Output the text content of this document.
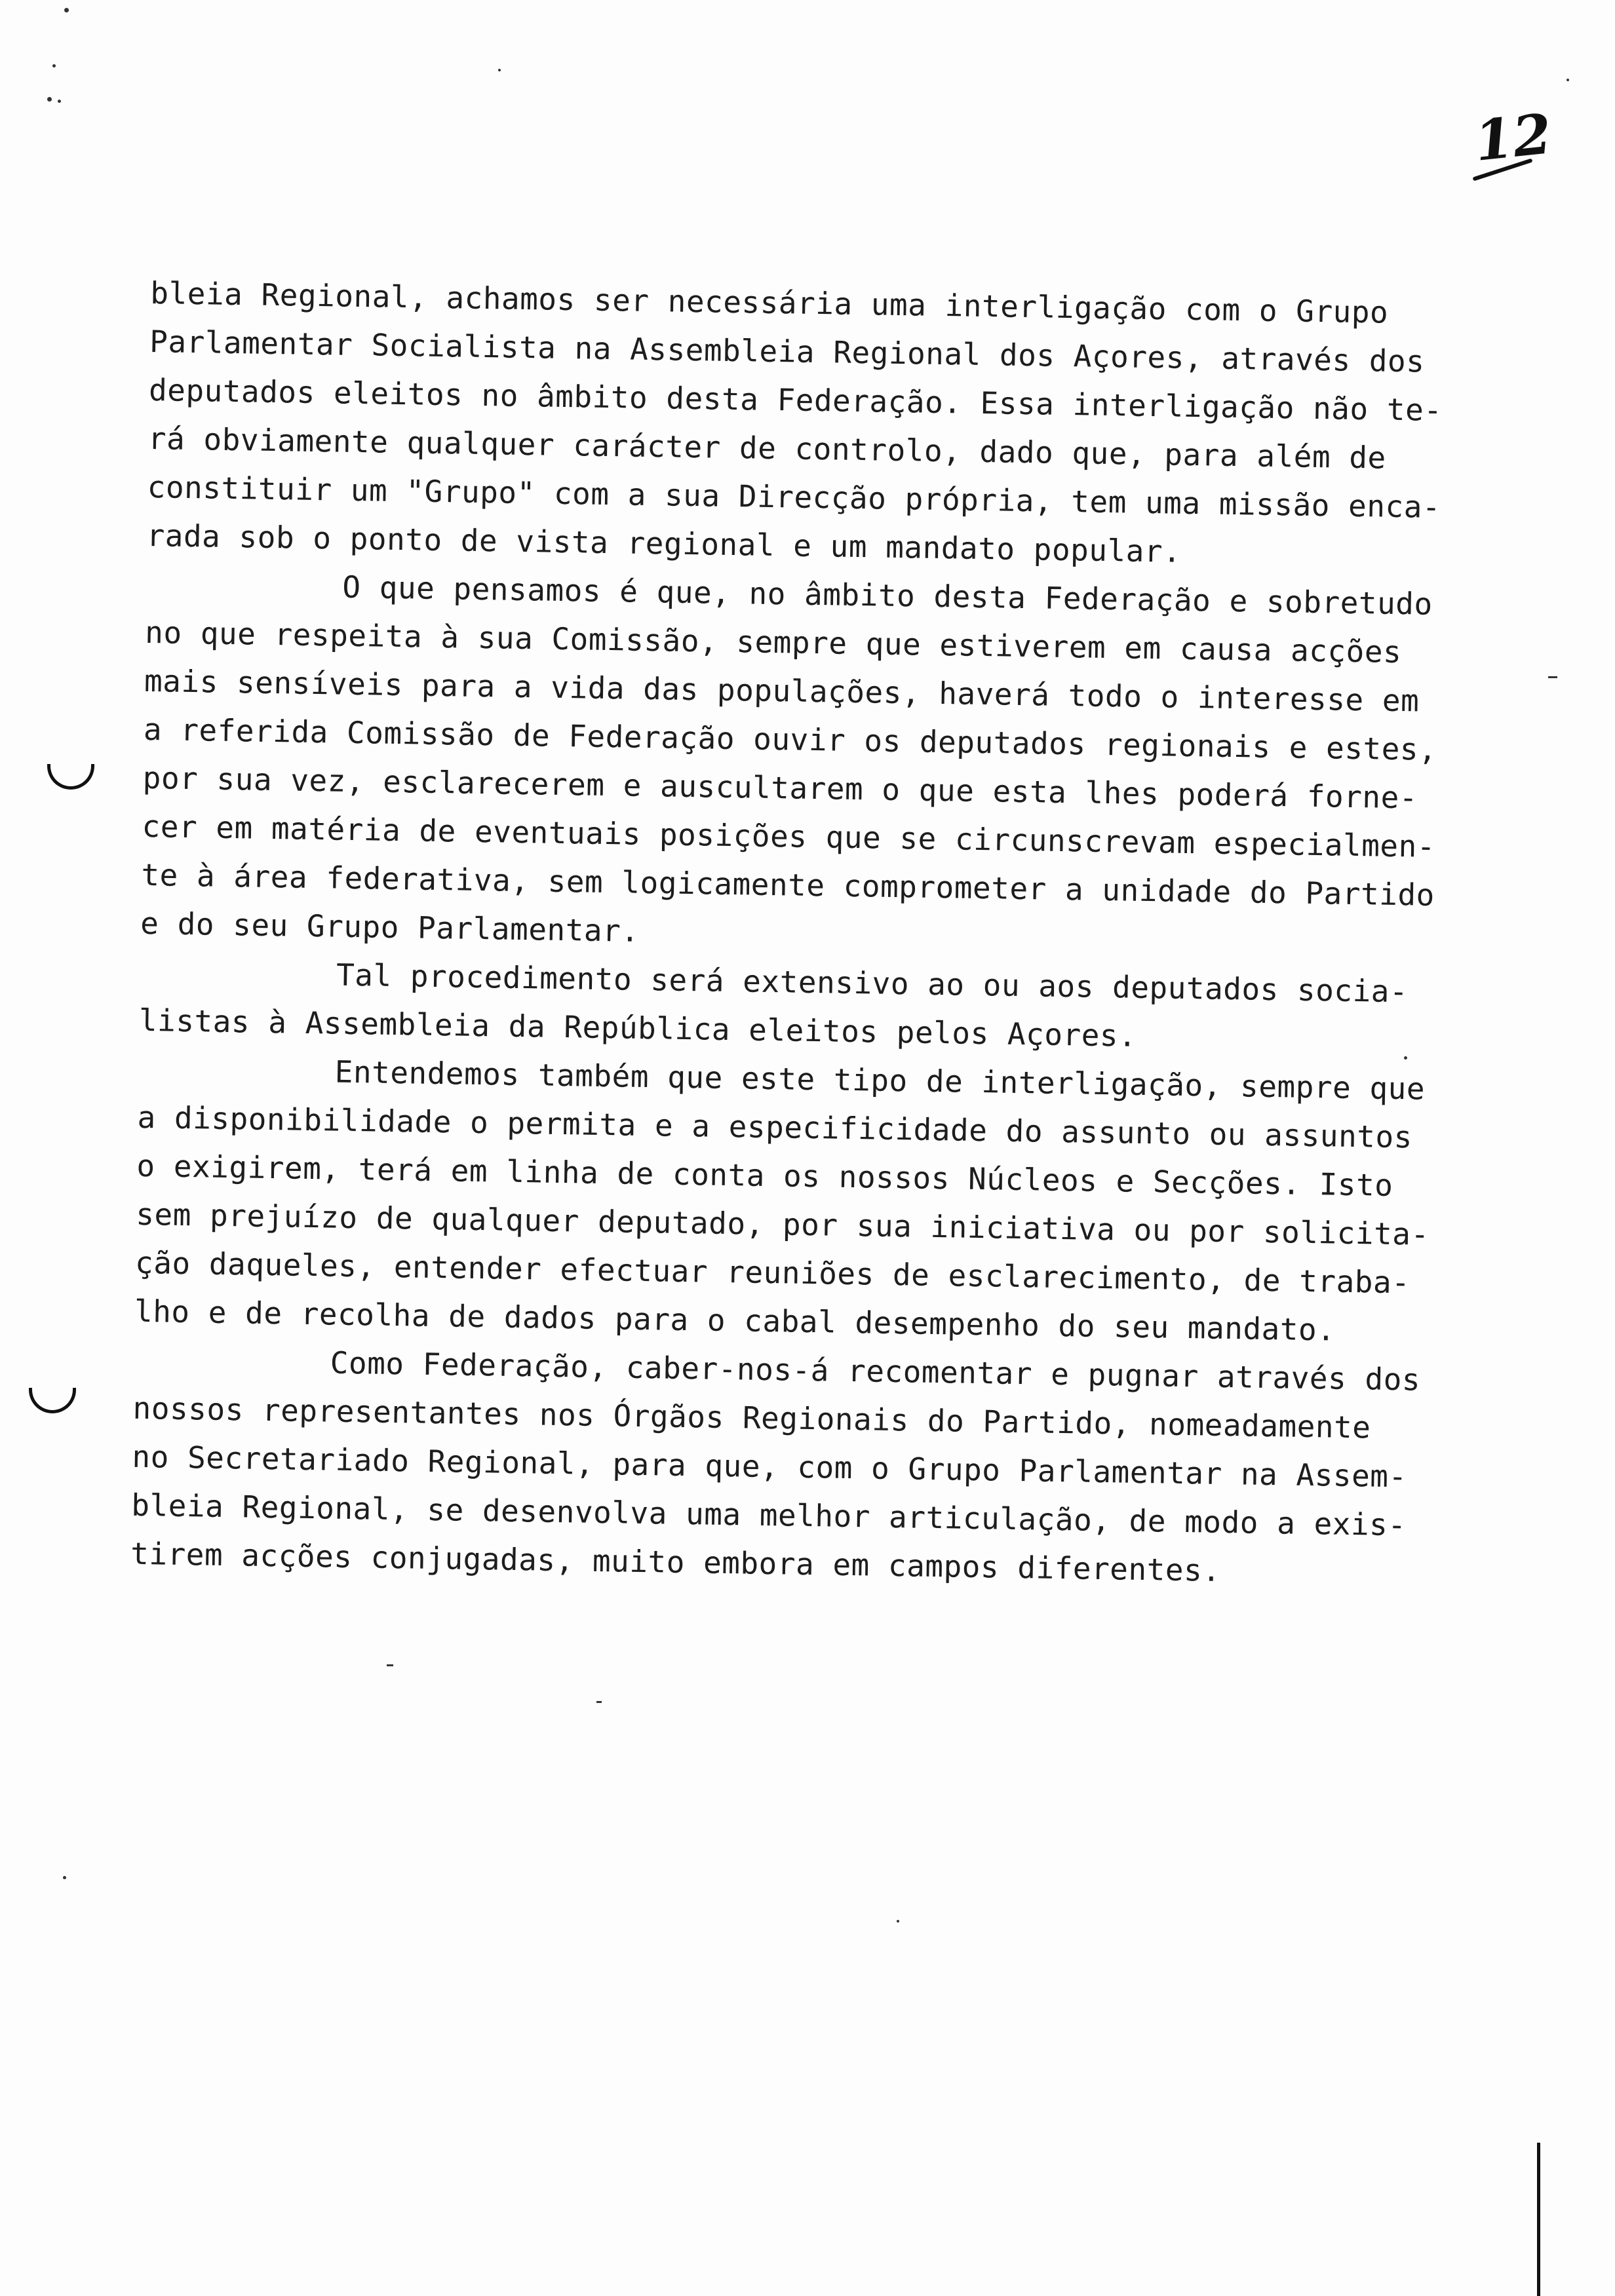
12
bleia Regional, achamos ser necessária uma interligação com o Grupo
Parlamentar Socialista na Assembleia Regional dos Açores, através dos
deputados eleitos no âmbito desta Federação. Essa interligação não te-
rá obviamente qualquer carácter de controlo, dado que, para além de
constituir um "Grupo" com a sua Direcção própria, tem uma missão enca-
rada sob o ponto de vista regional e um mandato popular.
O que pensamos é que, no âmbito desta Federação e sobretudo
no que respeita à sua Comissão, sempre que estiverem em causa acções
mais sensíveis para a vida das populações, haverá todo o interesse em
a referida Comissão de Federação ouvir os deputados regionais e estes,
por sua vez, esclarecerem e auscultarem o que esta lhes poderá forne-
cer em matéria de eventuais posições que se circunscrevam especialmen-
te à área federativa, sem logicamente comprometer a unidade do Partido
e do seu Grupo Parlamentar.
Tal procedimento será extensivo ao ou aos deputados socia-
listas à Assembleia da República eleitos pelos Açores.
Entendemos também que este tipo de interligação, sempre que
a disponibilidade o permita e a especificidade do assunto ou assuntos
o exigirem, terá em linha de conta os nossos Núcleos e Secções. Isto
sem prejuízo de qualquer deputado, por sua iniciativa ou por solicita-
ção daqueles, entender efectuar reuniões de esclarecimento, de traba-
lho e de recolha de dados para o cabal desempenho do seu mandato.
Como Federação, caber-nos-á recomentar e pugnar através dos
nossos representantes nos Órgãos Regionais do Partido, nomeadamente
no Secretariado Regional, para que, com o Grupo Parlamentar na Assem-
bleia Regional, se desenvolva uma melhor articulação, de modo a exis-
tirem acções conjugadas, muito embora em campos diferentes.
